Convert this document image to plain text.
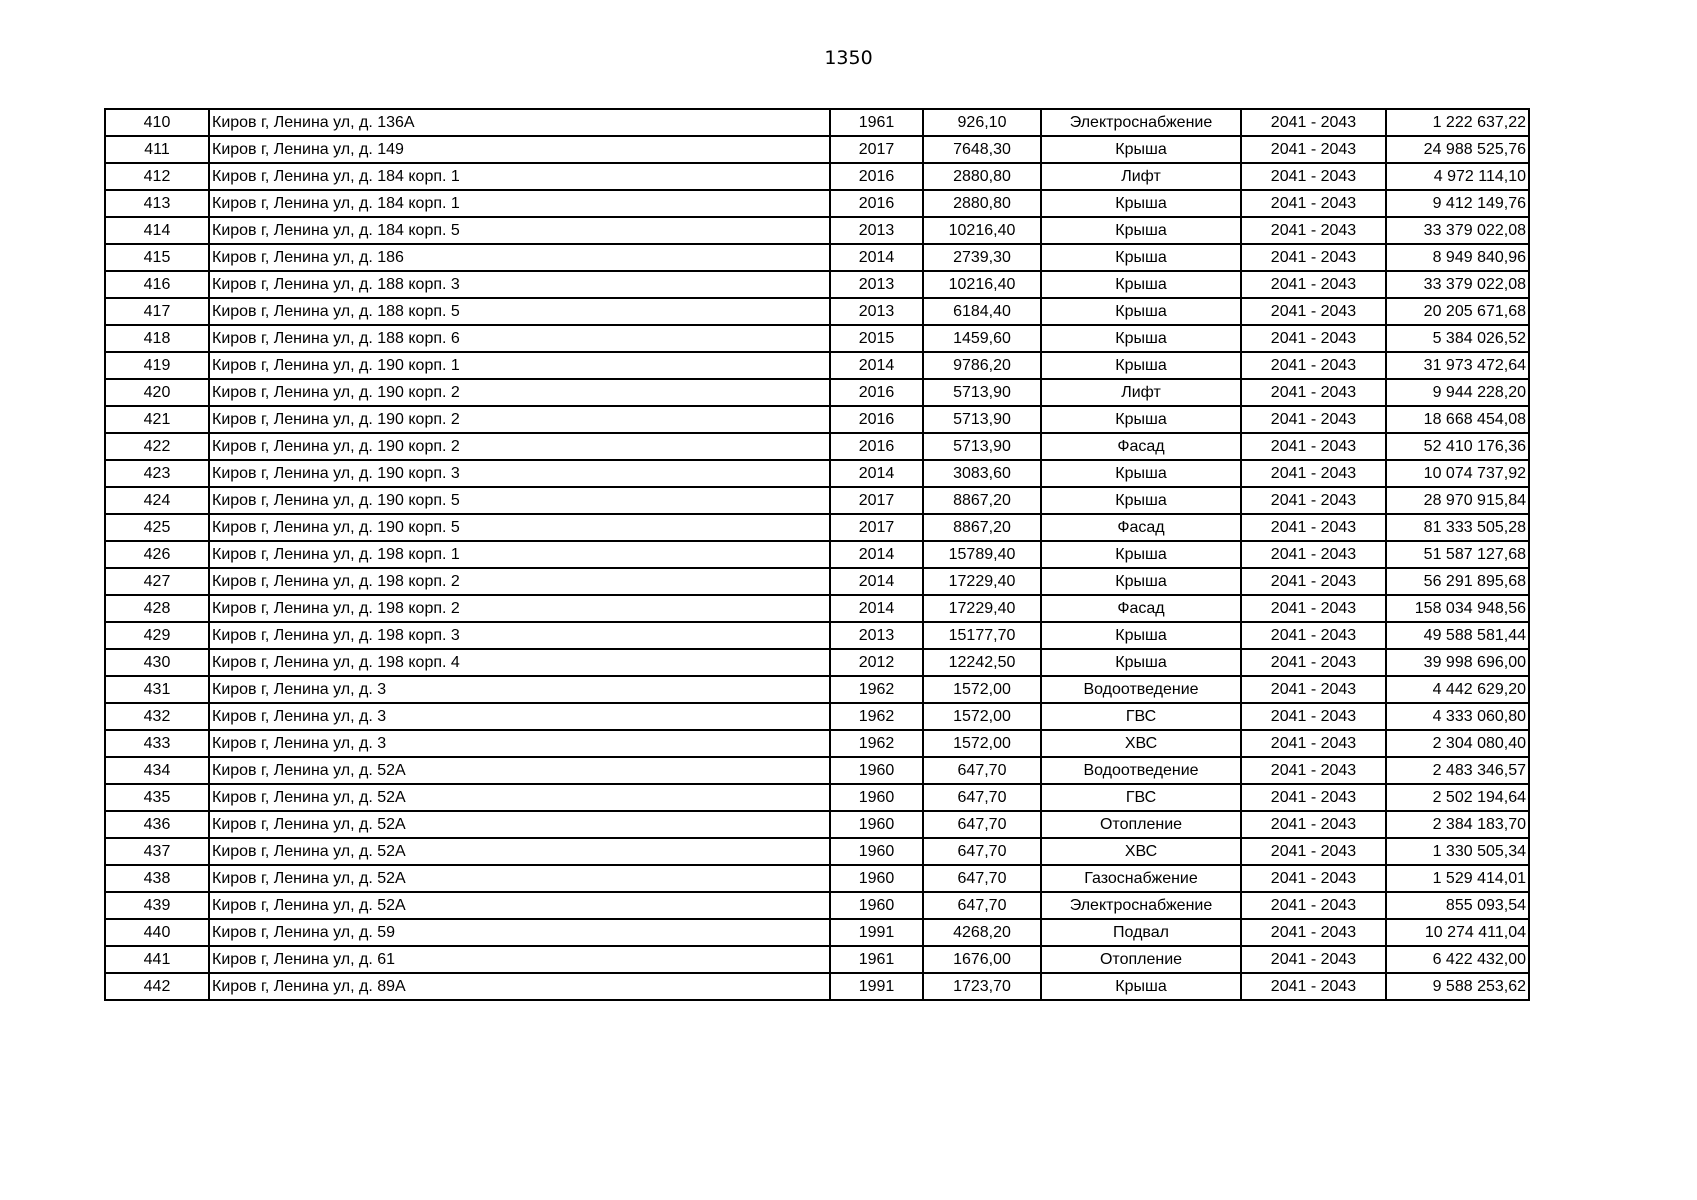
1350
410	Киров г, Ленина ул, д. 136А	1961	926,10	Электроснабжение	2041 - 2043	1 222 637,22
411	Киров г, Ленина ул, д. 149	2017	7648,30	Крыша	2041 - 2043	24 988 525,76
412	Киров г, Ленина ул, д. 184 корп. 1	2016	2880,80	Лифт	2041 - 2043	4 972 114,10
413	Киров г, Ленина ул, д. 184 корп. 1	2016	2880,80	Крыша	2041 - 2043	9 412 149,76
414	Киров г, Ленина ул, д. 184 корп. 5	2013	10216,40	Крыша	2041 - 2043	33 379 022,08
415	Киров г, Ленина ул, д. 186	2014	2739,30	Крыша	2041 - 2043	8 949 840,96
416	Киров г, Ленина ул, д. 188 корп. 3	2013	10216,40	Крыша	2041 - 2043	33 379 022,08
417	Киров г, Ленина ул, д. 188 корп. 5	2013	6184,40	Крыша	2041 - 2043	20 205 671,68
418	Киров г, Ленина ул, д. 188 корп. 6	2015	1459,60	Крыша	2041 - 2043	5 384 026,52
419	Киров г, Ленина ул, д. 190 корп. 1	2014	9786,20	Крыша	2041 - 2043	31 973 472,64
420	Киров г, Ленина ул, д. 190 корп. 2	2016	5713,90	Лифт	2041 - 2043	9 944 228,20
421	Киров г, Ленина ул, д. 190 корп. 2	2016	5713,90	Крыша	2041 - 2043	18 668 454,08
422	Киров г, Ленина ул, д. 190 корп. 2	2016	5713,90	Фасад	2041 - 2043	52 410 176,36
423	Киров г, Ленина ул, д. 190 корп. 3	2014	3083,60	Крыша	2041 - 2043	10 074 737,92
424	Киров г, Ленина ул, д. 190 корп. 5	2017	8867,20	Крыша	2041 - 2043	28 970 915,84
425	Киров г, Ленина ул, д. 190 корп. 5	2017	8867,20	Фасад	2041 - 2043	81 333 505,28
426	Киров г, Ленина ул, д. 198 корп. 1	2014	15789,40	Крыша	2041 - 2043	51 587 127,68
427	Киров г, Ленина ул, д. 198 корп. 2	2014	17229,40	Крыша	2041 - 2043	56 291 895,68
428	Киров г, Ленина ул, д. 198 корп. 2	2014	17229,40	Фасад	2041 - 2043	158 034 948,56
429	Киров г, Ленина ул, д. 198 корп. 3	2013	15177,70	Крыша	2041 - 2043	49 588 581,44
430	Киров г, Ленина ул, д. 198 корп. 4	2012	12242,50	Крыша	2041 - 2043	39 998 696,00
431	Киров г, Ленина ул, д. 3	1962	1572,00	Водоотведение	2041 - 2043	4 442 629,20
432	Киров г, Ленина ул, д. 3	1962	1572,00	ГВС	2041 - 2043	4 333 060,80
433	Киров г, Ленина ул, д. 3	1962	1572,00	ХВС	2041 - 2043	2 304 080,40
434	Киров г, Ленина ул, д. 52А	1960	647,70	Водоотведение	2041 - 2043	2 483 346,57
435	Киров г, Ленина ул, д. 52А	1960	647,70	ГВС	2041 - 2043	2 502 194,64
436	Киров г, Ленина ул, д. 52А	1960	647,70	Отопление	2041 - 2043	2 384 183,70
437	Киров г, Ленина ул, д. 52А	1960	647,70	ХВС	2041 - 2043	1 330 505,34
438	Киров г, Ленина ул, д. 52А	1960	647,70	Газоснабжение	2041 - 2043	1 529 414,01
439	Киров г, Ленина ул, д. 52А	1960	647,70	Электроснабжение	2041 - 2043	855 093,54
440	Киров г, Ленина ул, д. 59	1991	4268,20	Подвал	2041 - 2043	10 274 411,04
441	Киров г, Ленина ул, д. 61	1961	1676,00	Отопление	2041 - 2043	6 422 432,00
442	Киров г, Ленина ул, д. 89А	1991	1723,70	Крыша	2041 - 2043	9 588 253,62
